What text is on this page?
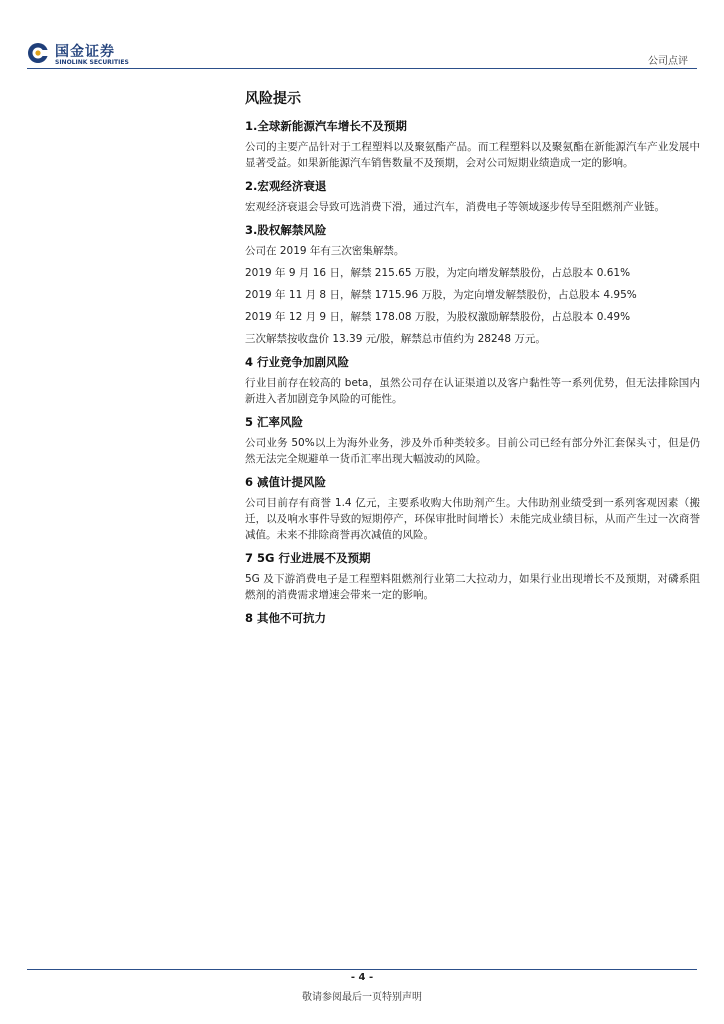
国金证券
SINOLINK SECURITIES	公司点评
风险提示
1.全球新能源汽车增长不及预期

公司的主要产品针对于工程塑料以及聚氨酯产品。而工程塑料以及聚氨酯在新能源汽车产业发展中显著受益。如果新能源汽车销售数量不及预期，会对公司短期业绩造成一定的影响。

2.宏观经济衰退

宏观经济衰退会导致可选消费下滑，通过汽车，消费电子等领域逐步传导至阻燃剂产业链。

3.股权解禁风险

公司在 2019 年有三次密集解禁。

2019 年 9 月 16 日，解禁 215.65 万股，为定向增发解禁股份，占总股本 0.61%

2019 年 11 月 8 日，解禁 1715.96 万股，为定向增发解禁股份，占总股本 4.95%

2019 年 12 月 9 日，解禁 178.08 万股，为股权激励解禁股份，占总股本 0.49%

三次解禁按收盘价 13.39 元/股，解禁总市值约为 28248 万元。

4 行业竞争加剧风险

行业目前存在较高的 beta，虽然公司存在认证渠道以及客户黏性等一系列优势，但无法排除国内新进入者加剧竞争风险的可能性。

5 汇率风险

公司业务 50%以上为海外业务，涉及外币种类较多。目前公司已经有部分外汇套保头寸，但是仍然无法完全规避单一货币汇率出现大幅波动的风险。

6 减值计提风险

公司目前存有商誉 1.4 亿元，主要系收购大伟助剂产生。大伟助剂业绩受到一系列客观因素（搬迁，以及响水事件导致的短期停产，环保审批时间增长）未能完成业绩目标，从而产生过一次商誉减值。未来不排除商誉再次减值的风险。

7 5G 行业进展不及预期

5G 及下游消费电子是工程塑料阻燃剂行业第二大拉动力，如果行业出现增长不及预期，对磷系阻燃剂的消费需求增速会带来一定的影响。

8 其他不可抗力
- 4 -
敬请参阅最后一页特别声明
